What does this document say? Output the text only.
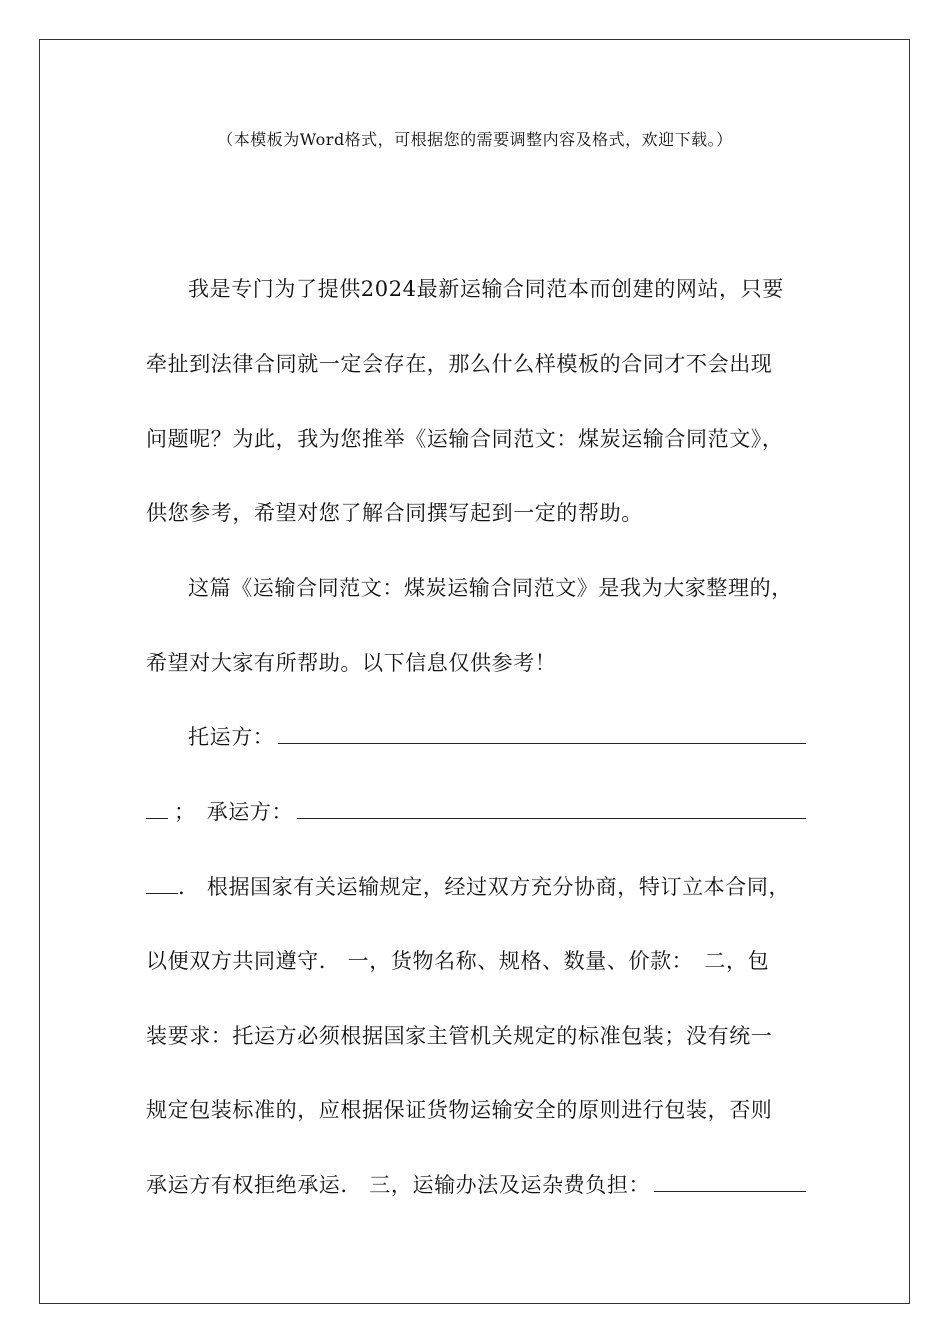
（本模板为Word格式，可根据您的需要调整内容及格式，欢迎下载。）
我是专门为了提供2024最新运输合同范本而创建的网站，只要
牵扯到法律合同就一定会存在，那么什么样模板的合同才不会出现
问题呢？为此，我为您推举《运输合同范文：煤炭运输合同范文》，
供您参考，希望对您了解合同撰写起到一定的帮助。
这篇《运输合同范文：煤炭运输合同范文》是我为大家整理的，
希望对大家有所帮助。以下信息仅供参考！
托运方：
；　承运方：
.　根据国家有关运输规定，经过双方充分协商，特订立本合同，
以便双方共同遵守.　一，货物名称、规格、数量、价款：　二，包
装要求：托运方必须根据国家主管机关规定的标准包装；没有统一
规定包装标准的，应根据保证货物运输安全的原则进行包装，否则
承运方有权拒绝承运.　三，运输办法及运杂费负担：
